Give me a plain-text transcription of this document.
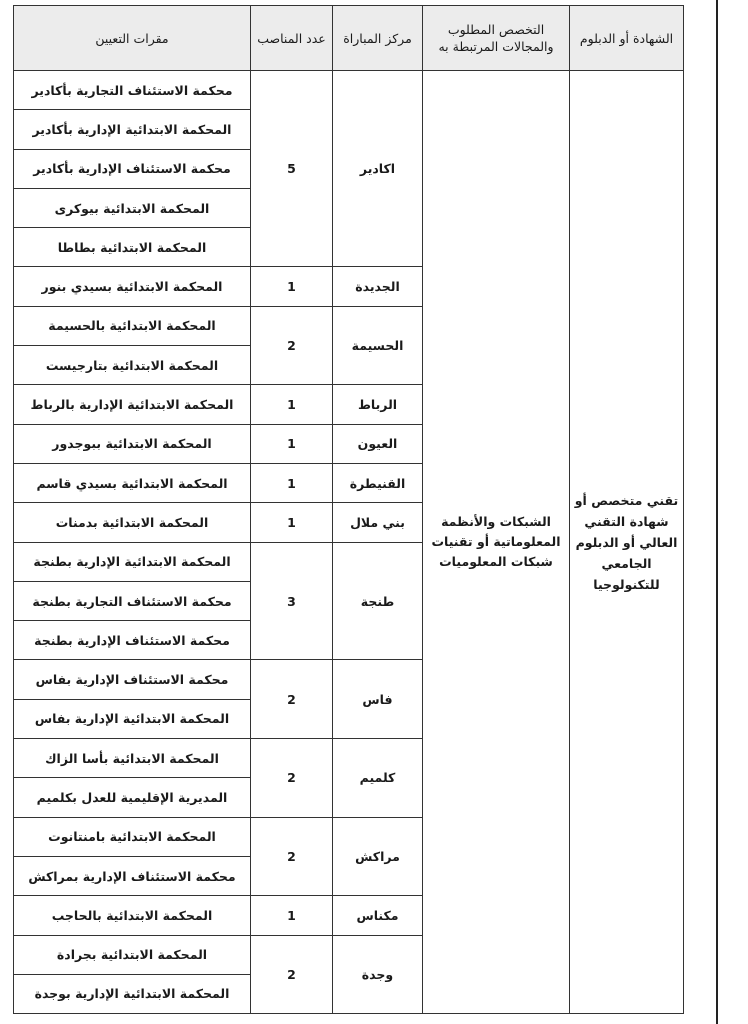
الشهادة أو الدبلوم	التخصص المطلوب والمجالات المرتبطة به	مركز المباراة	عدد المناصب	مقرات التعيين
تقني متخصص أو شهادة التقني العالي أو الدبلوم الجامعي للتكنولوجيا	الشبكات والأنظمة المعلوماتية أو تقنيات شبكات المعلوميات	اكادير	5	محكمة الاستئناف التجارية بأكادير
				المحكمة الابتدائية الإدارية بأكادير
				محكمة الاستئناف الإدارية بأكادير
				المحكمة الابتدائية بيوكرى
				المحكمة الابتدائية بطاطا
		الجديدة	1	المحكمة الابتدائية بسيدي بنور
		الحسيمة	2	المحكمة الابتدائية بالحسيمة
				المحكمة الابتدائية بتارجيست
		الرباط	1	المحكمة الابتدائية الإدارية بالرباط
		العيون	1	المحكمة الابتدائية ببوجدور
		القنيطرة	1	المحكمة الابتدائية بسيدي قاسم
		بني ملال	1	المحكمة الابتدائية بدمنات
		طنجة	3	المحكمة الابتدائية الإدارية بطنجة
				محكمة الاستئناف التجارية بطنجة
				محكمة الاستئناف الإدارية بطنجة
		فاس	2	محكمة الاستئناف الإدارية بفاس
				المحكمة الابتدائية الإدارية بفاس
		كلميم	2	المحكمة الابتدائية بأسا الزاك
				المديرية الإقليمية للعدل بكلميم
		مراكش	2	المحكمة الابتدائية بامنتانوت
				محكمة الاستئناف الإدارية بمراكش
		مكناس	1	المحكمة الابتدائية بالحاجب
		وجدة	2	المحكمة الابتدائية بجرادة
				المحكمة الابتدائية الإدارية بوجدة
